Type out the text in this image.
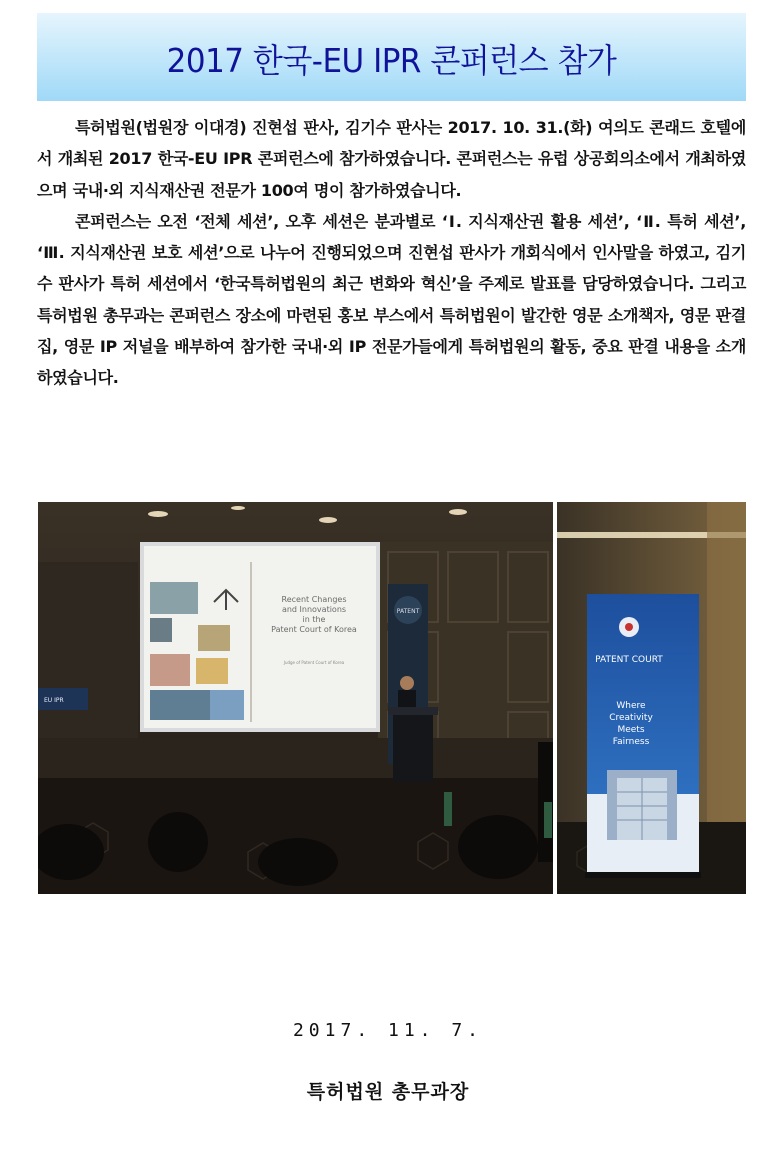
2017 한국-EU IPR 콘퍼런스 참가

특허법원(법원장 이대경) 진현섭 판사, 김기수 판사는 2017. 10. 31.(화) 여의도 콘래드 호텔에서 개최된 2017 한국-EU IPR 콘퍼런스에 참가하였습니다. 콘퍼런스는 유럽 상공회의소에서 개최하였으며 국내·외 지식재산권 전문가 100여 명이 참가하였습니다.

콘퍼런스는 오전 ‘전체 세션’, 오후 세션은 분과별로 ‘Ⅰ. 지식재산권 활용 세션’, ‘Ⅱ. 특허 세션’, ‘Ⅲ. 지식재산권 보호 세션’으로 나누어 진행되었으며 진현섭 판사가 개회식에서 인사말을 하였고, 김기수 판사가 특허 세션에서 ‘한국특허법원의 최근 변화와 혁신’을 주제로 발표를 담당하였습니다. 그리고 특허법원 총무과는 콘퍼런스 장소에 마련된 홍보 부스에서 특허법원이 발간한 영문 소개책자, 영문 판결집, 영문 IP 저널을 배부하여 참가한 국내·외 IP 전문가들에게 특허법원의 활동, 중요 판결 내용을 소개하였습니다.

Recent Changes
and Innovations
in the
Patent Court of Korea
Judge of Patent Court of Korea
PATENT
EU IPR
PATENT COURT
Where
Creativity
Meets
Fairness
2017. 11. 7.
특허법원 총무과장
